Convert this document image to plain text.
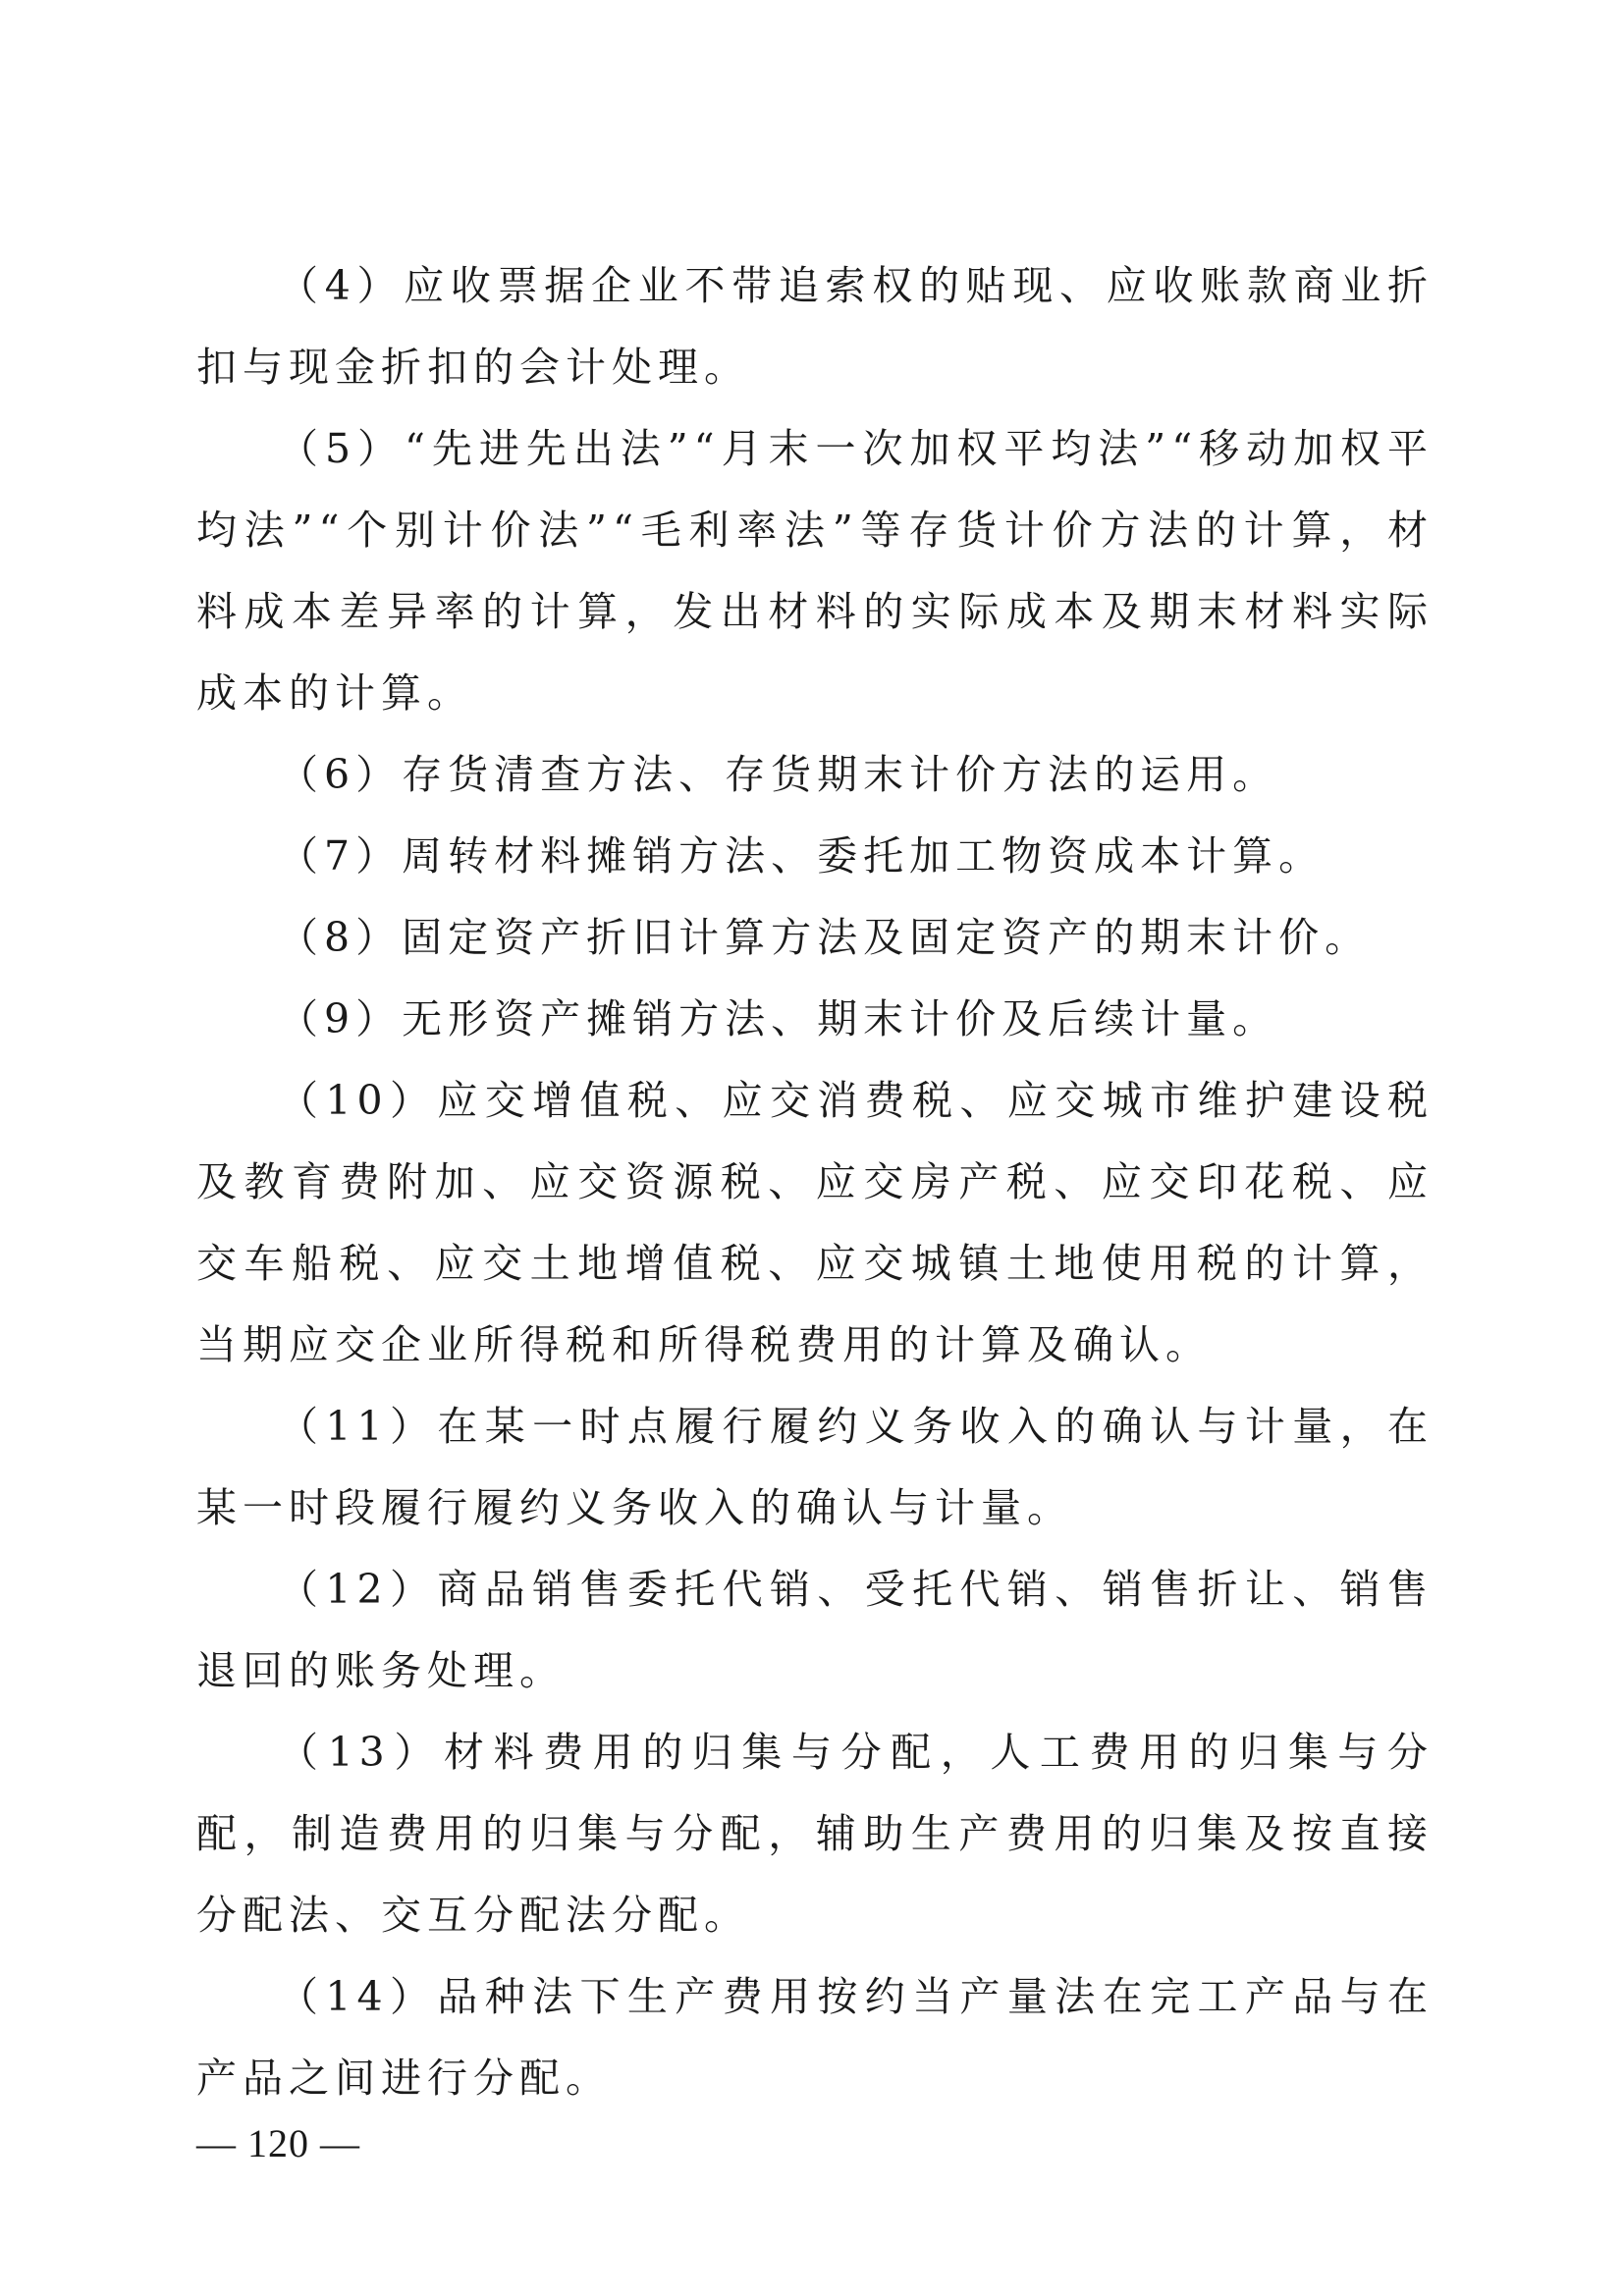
（4）应收票据企业不带追索权的贴现、应收账款商业折扣与现金折扣的会计处理。

（5）“先进先出法”“月末一次加权平均法”“移动加权平均法”“个别计价法”“毛利率法”等存货计价方法的计算，材料成本差异率的计算，发出材料的实际成本及期末材料实际成本的计算。

（6）存货清查方法、存货期末计价方法的运用。

（7）周转材料摊销方法、委托加工物资成本计算。

（8）固定资产折旧计算方法及固定资产的期末计价。

（9）无形资产摊销方法、期末计价及后续计量。

（10）应交增值税、应交消费税、应交城市维护建设税及教育费附加、应交资源税、应交房产税、应交印花税、应交车船税、应交土地增值税、应交城镇土地使用税的计算，当期应交企业所得税和所得税费用的计算及确认。

（11）在某一时点履行履约义务收入的确认与计量，在某一时段履行履约义务收入的确认与计量。

（12）商品销售委托代销、受托代销、销售折让、销售退回的账务处理。

（13）材料费用的归集与分配，人工费用的归集与分配，制造费用的归集与分配，辅助生产费用的归集及按直接分配法、交互分配法分配。

（14）品种法下生产费用按约当产量法在完工产品与在产品之间进行分配。

— 120 —
